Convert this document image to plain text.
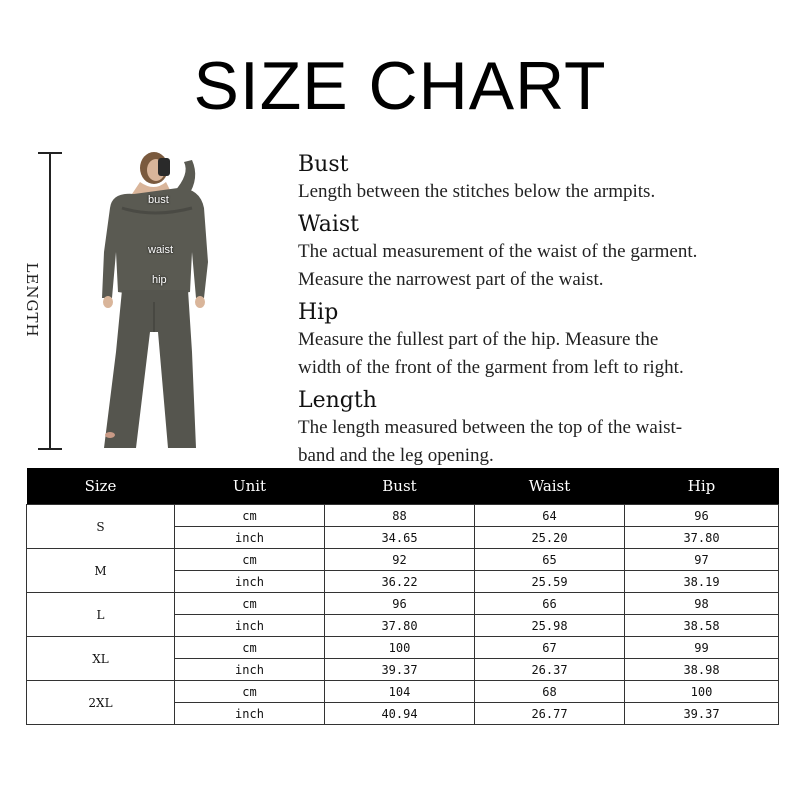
SIZE CHART
LENGTH
bust
waist
hip
Bust

Length between the stitches below the armpits.

Waist

The actual measurement of the waist of the garment.
Measure the narrowest part of the waist.

Hip

Measure the fullest part of the hip. Measure the
width of the front of the garment from left to right.

Length

The length measured between the top of the waist-
band and the leg opening.

Size	Unit	Bust	Waist	Hip
S	cm	88	64	96
	inch	34.65	25.20	37.80
M	cm	92	65	97
	inch	36.22	25.59	38.19
L	cm	96	66	98
	inch	37.80	25.98	38.58
XL	cm	100	67	99
	inch	39.37	26.37	38.98
2XL	cm	104	68	100
	inch	40.94	26.77	39.37
